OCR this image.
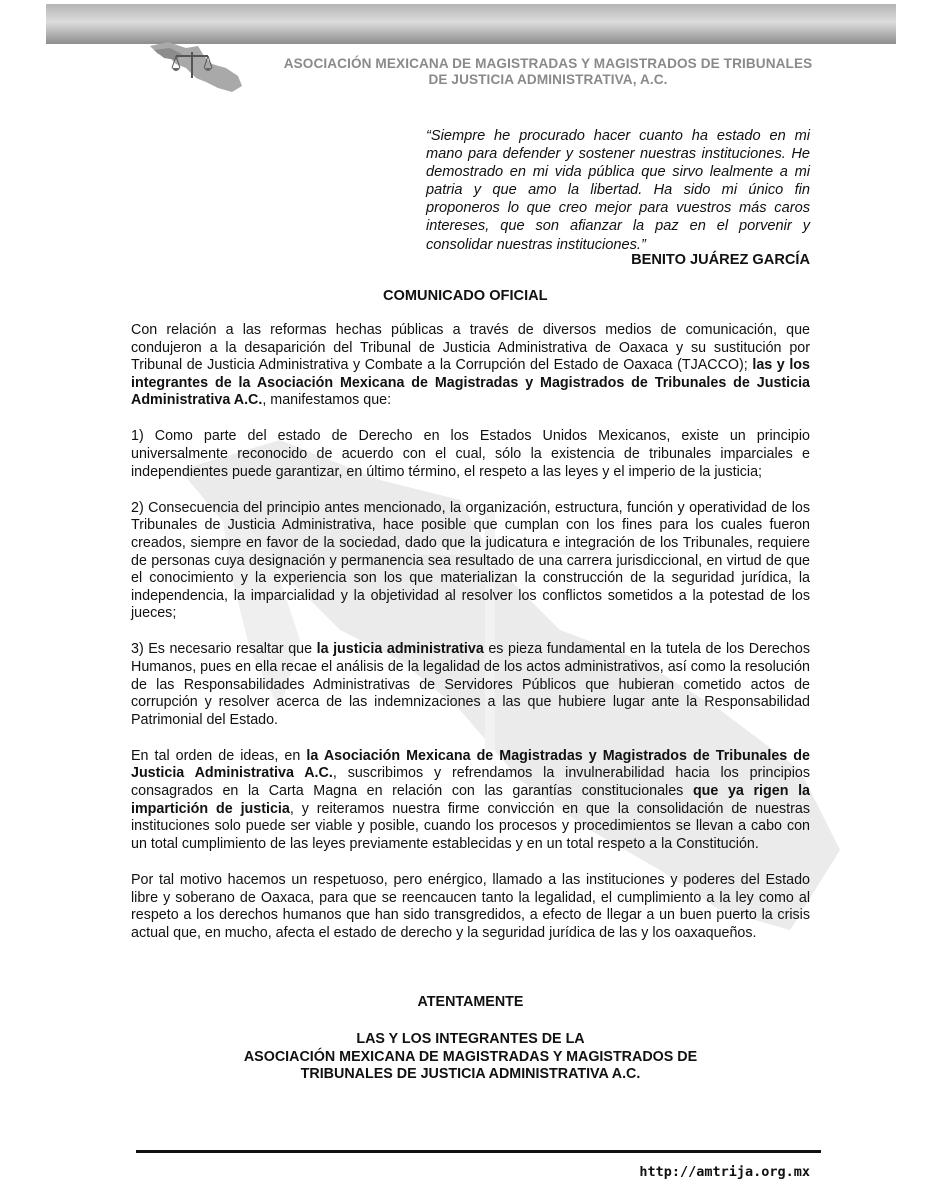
ASOCIACIÓN MEXICANA DE MAGISTRADAS Y MAGISTRADOS DE TRIBUNALES
DE JUSTICIA ADMINISTRATIVA, A.C.
“Siempre he procurado hacer cuanto ha estado en mi mano para defender y sostener nuestras instituciones. He demostrado en mi vida pública que sirvo lealmente a mi patria y que amo la libertad. Ha sido mi único fin proponeros lo que creo mejor para vuestros más caros intereses, que son afianzar la paz en el porvenir y consolidar nuestras instituciones.”
BENITO JUÁREZ GARCÍA
COMUNICADO OFICIAL

Con relación a las reformas hechas públicas a través de diversos medios de comunicación, que condujeron a la desaparición del Tribunal de Justicia Administrativa de Oaxaca y su sustitución por Tribunal de Justicia Administrativa y Combate a la Corrupción del Estado de Oaxaca (TJACCO); las y los integrantes de la Asociación Mexicana de Magistradas y Magistrados de Tribunales de Justicia Administrativa A.C., manifestamos que:

1) Como parte del estado de Derecho en los Estados Unidos Mexicanos, existe un principio universalmente reconocido de acuerdo con el cual, sólo la existencia de tribunales imparciales e independientes puede garantizar, en último término, el respeto a las leyes y el imperio de la justicia;

2) Consecuencia del principio antes mencionado, la organización, estructura, función y operatividad de los Tribunales de Justicia Administrativa, hace posible que cumplan con los fines para los cuales fueron creados, siempre en favor de la sociedad, dado que la judicatura e integración de los Tribunales, requiere de personas cuya designación y permanencia sea resultado de una carrera jurisdiccional, en virtud de que el conocimiento y la experiencia son los que materializan la construcción de la seguridad jurídica, la independencia, la imparcialidad y la objetividad al resolver los conflictos sometidos a la potestad de los jueces;

3) Es necesario resaltar que la justicia administrativa es pieza fundamental en la tutela de los Derechos Humanos, pues en ella recae el análisis de la legalidad de los actos administrativos, así como la resolución de las Responsabilidades Administrativas de Servidores Públicos que hubieran cometido actos de corrupción y resolver acerca de las indemnizaciones a las que hubiere lugar ante la Responsabilidad Patrimonial del Estado.

En tal orden de ideas, en la Asociación Mexicana de Magistradas y Magistrados de Tribunales de Justicia Administrativa A.C., suscribimos y refrendamos la invulnerabilidad hacia los principios consagrados en la Carta Magna en relación con las garantías constitucionales que ya rigen la impartición de justicia, y reiteramos nuestra firme convicción en que la consolidación de nuestras instituciones solo puede ser viable y posible, cuando los procesos y procedimientos se llevan a cabo con un total cumplimiento de las leyes previamente establecidas y en un total respeto a la Constitución.

Por tal motivo hacemos un respetuoso, pero enérgico, llamado a las instituciones y poderes del Estado libre y soberano de Oaxaca, para que se reencaucen tanto la legalidad, el cumplimiento a la ley como al respeto a los derechos humanos que han sido transgredidos, a efecto de llegar a un buen puerto la crisis actual que, en mucho, afecta el estado de derecho y la seguridad jurídica de las y los oaxaqueños.

ATENTAMENTE
LAS Y LOS INTEGRANTES DE LA
ASOCIACIÓN MEXICANA DE MAGISTRADAS Y MAGISTRADOS DE
TRIBUNALES DE JUSTICIA ADMINISTRATIVA A.C.
http://amtrija.org.mx
